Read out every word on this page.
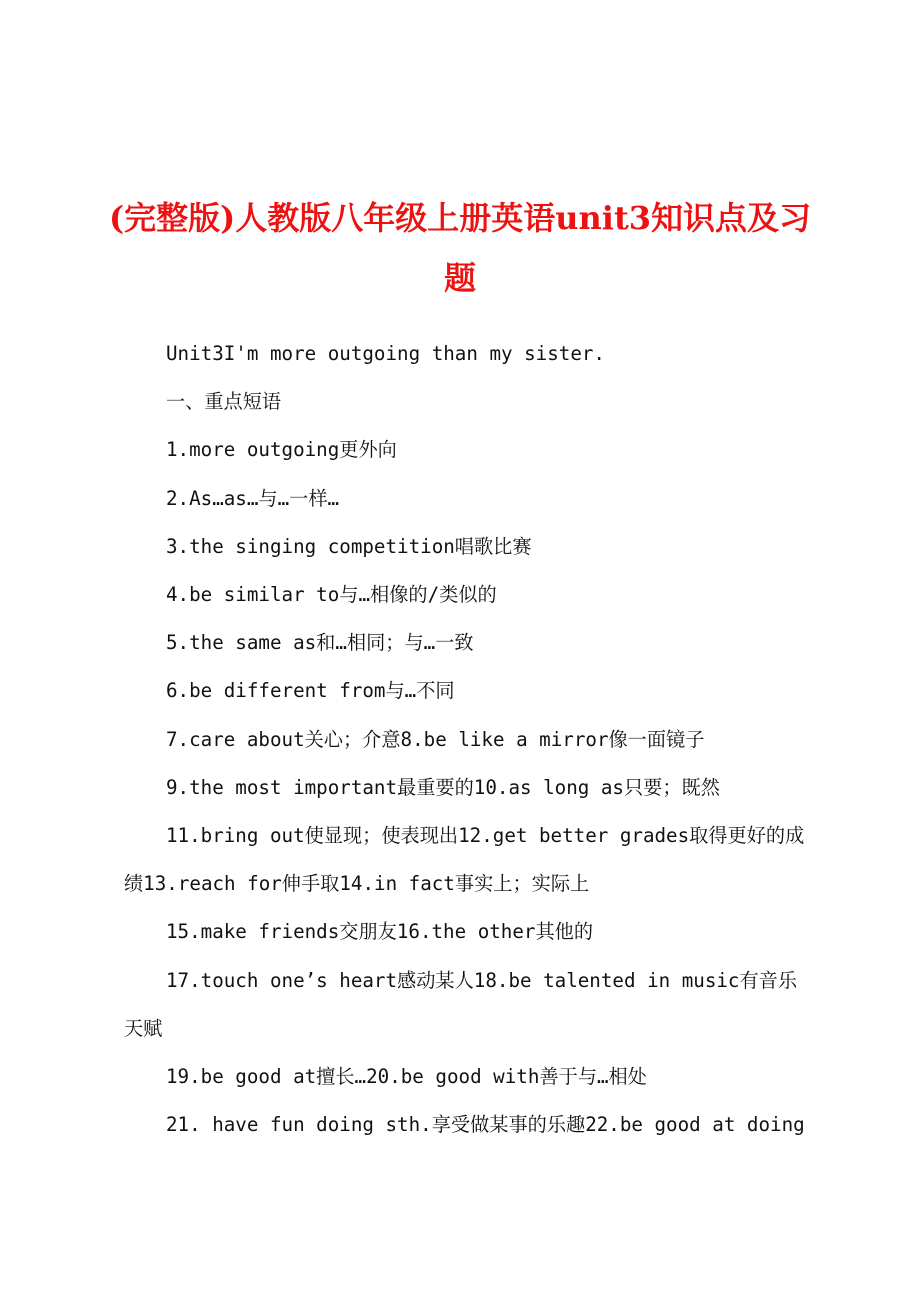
(完整版)人教版八年级上册英语unit3知识点及习题

Unit3I'm more outgoing than my sister.

一、重点短语

1.more outgoing更外向

2.As…as…与…一样…

3.the singing competition唱歌比赛

4.be similar to与…相像的/类似的

5.the same as和…相同；与…一致

6.be different from与…不同

7.care about关心；介意8.be like a mirror像一面镜子

9.the most important最重要的10.as long as只要；既然

11.bring out使显现；使表现出12.get better grades取得更好的成绩13.reach for伸手取14.in fact事实上；实际上

15.make friends交朋友16.the other其他的

17.touch one’s heart感动某人18.be talented in music有音乐天赋

19.be good at擅长…20.be good with善于与…相处

21. have fun doing sth.享受做某事的乐趣22.be good at doing
